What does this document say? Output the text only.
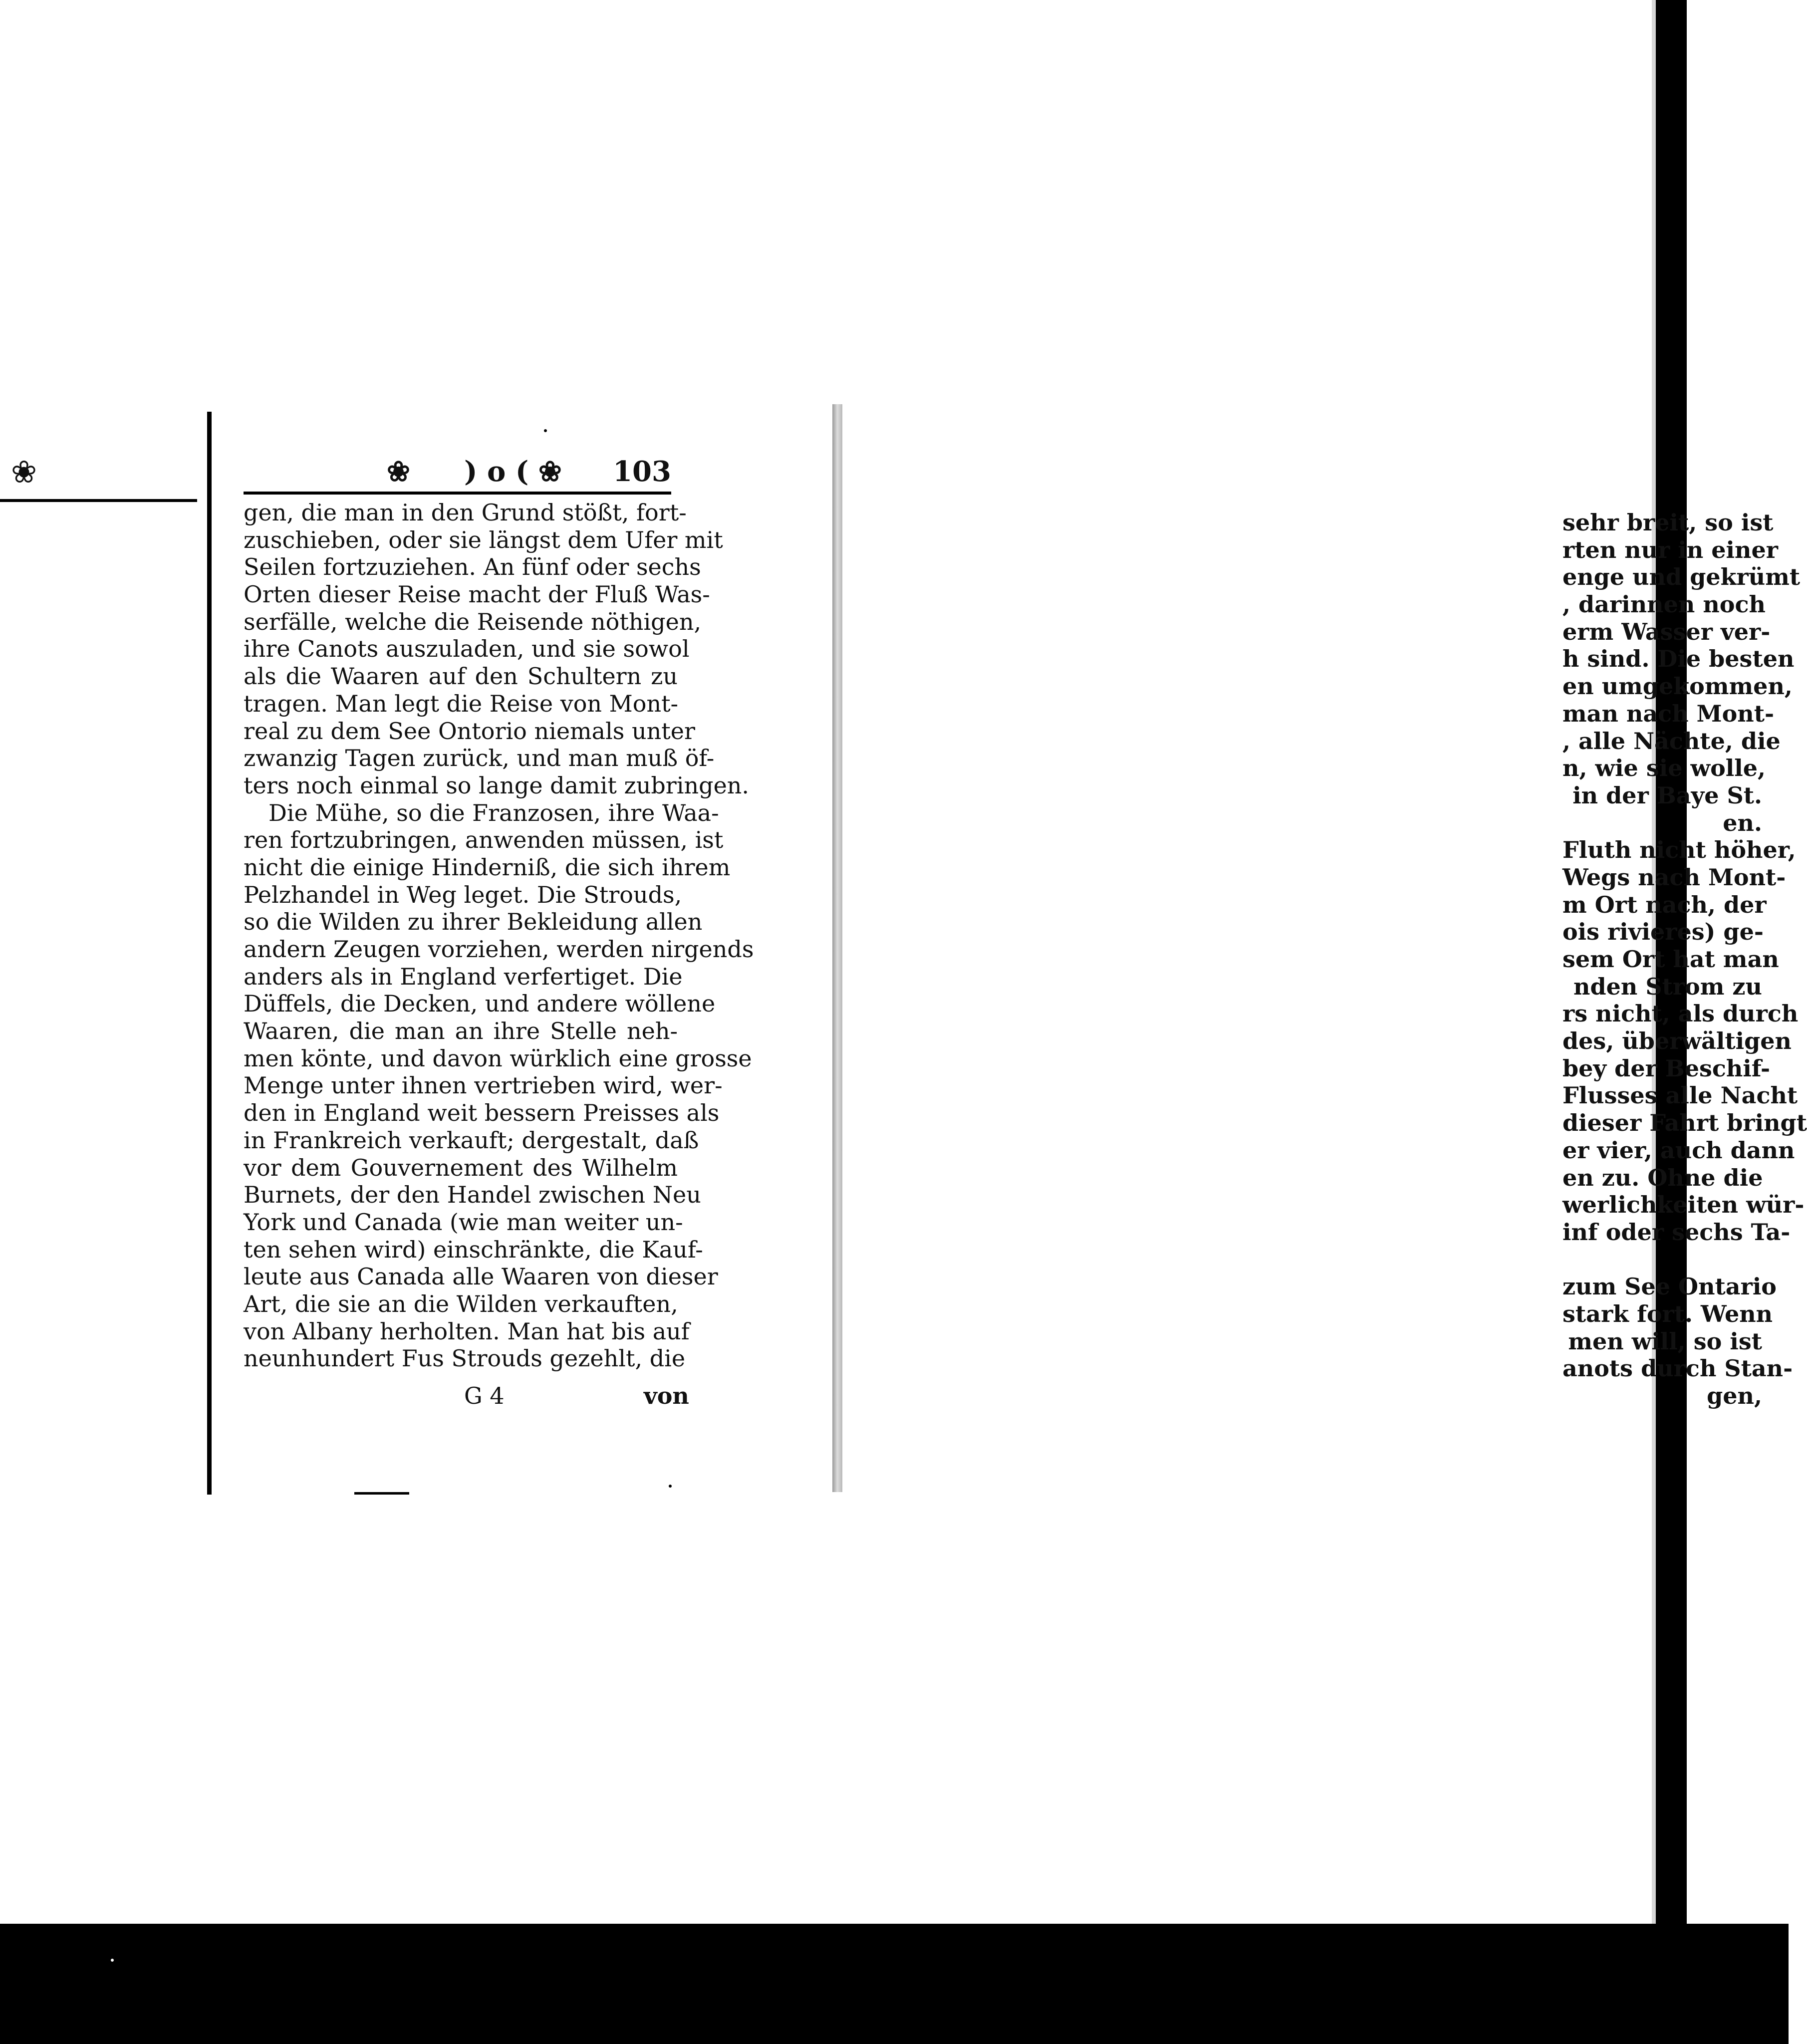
❀
sehr breit, so ist
rten nur in einer
enge und gekrümt
, darinnen noch
erm Wasser ver-
h sind. Die besten
en umgekommen,
man nach Mont-
, alle Nächte, die
n, wie sie wolle,
in der Baye St.
en.
Fluth nicht höher,
Wegs nach Mont-
m Ort nach, der
ois rivieres) ge-
sem Ort hat man
nden Strom zu
rs nicht, als durch
des, überwältigen
bey der Beschif-
Flusses alle Nacht
dieser Fahrt bringt
er vier, auch dann
en zu. Ohne die
werlichkeiten wür-
inf oder sechs Ta-
zum See Ontario
stark fort. Wenn
men will, so ist
anots durch Stan-
gen,
❀ ) o ( ❀ 103
gen, die man in den Grund stößt, fort-
zuschieben, oder sie längst dem Ufer mit
Seilen fortzuziehen. An fünf oder sechs
Orten dieser Reise macht der Fluß Was-
serfälle, welche die Reisende nöthigen,
ihre Canots auszuladen, und sie sowol
als die Waaren auf den Schultern zu
tragen. Man legt die Reise von Mont-
real zu dem See Ontorio niemals unter
zwanzig Tagen zurück, und man muß öf-
ters noch einmal so lange damit zubringen.
Die Mühe, so die Franzosen, ihre Waa-
ren fortzubringen, anwenden müssen, ist
nicht die einige Hinderniß, die sich ihrem
Pelzhandel in Weg leget. Die Strouds,
so die Wilden zu ihrer Bekleidung allen
andern Zeugen vorziehen, werden nirgends
anders als in England verfertiget. Die
Düffels, die Decken, und andere wöllene
Waaren, die man an ihre Stelle neh-
men könte, und davon würklich eine grosse
Menge unter ihnen vertrieben wird, wer-
den in England weit bessern Preisses als
in Frankreich verkauft; dergestalt, daß
vor dem Gouvernement des Wilhelm
Burnets, der den Handel zwischen Neu
York und Canada (wie man weiter un-
ten sehen wird) einschränkte, die Kauf-
leute aus Canada alle Waaren von dieser
Art, die sie an die Wilden verkauften,
von Albany herholten. Man hat bis auf
neunhundert Fus Strouds gezehlt, die
G 4	von
